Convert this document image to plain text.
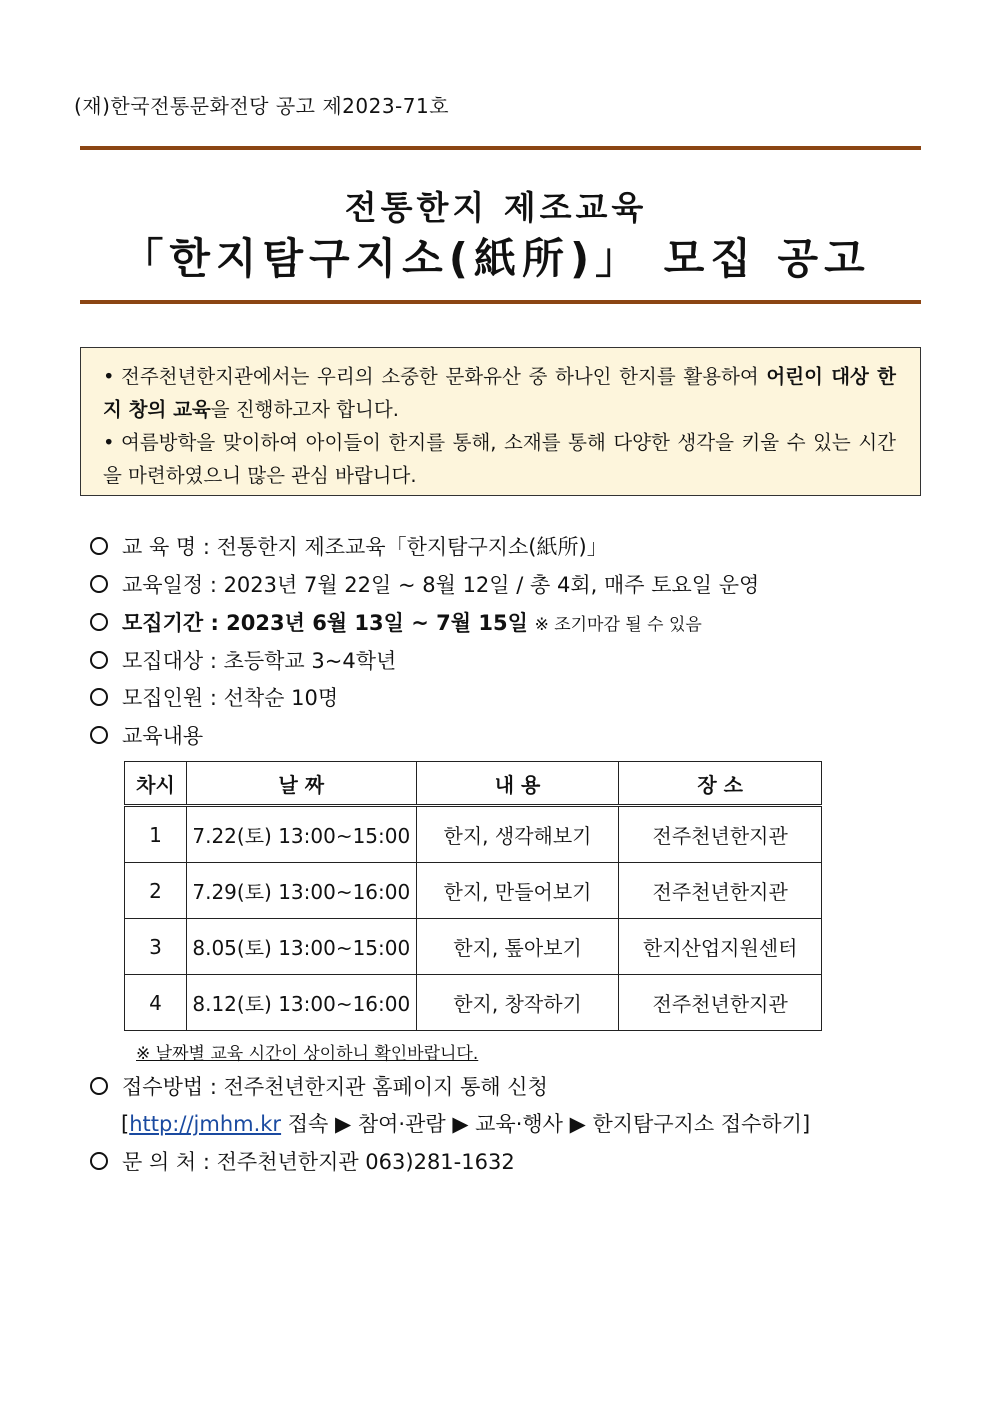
(재)한국전통문화전당 공고 제2023-71호
전통한지 제조교육
「한지탐구지소(紙所)」 모집 공고

• 전주천년한지관에서는 우리의 소중한 문화유산 중 하나인 한지를 활용하여 어린이 대상 한지 창의 교육을 진행하고자 합니다.

• 여름방학을 맞이하여 아이들이 한지를 통해, 소재를 통해 다양한 생각을 키울 수 있는 시간을 마련하였으니 많은 관심 바랍니다.

교 육 명 : 전통한지 제조교육「한지탐구지소(紙所)」
교육일정 : 2023년 7월 22일 ~ 8월 12일 / 총 4회, 매주 토요일 운영
모집기간 : 2023년 6월 13일 ~ 7월 15일 ※ 조기마감 될 수 있음
모집대상 : 초등학교 3~4학년
모집인원 : 선착순 10명
교육내용
차시	날 짜	내 용	장 소
1	7.22(토) 13:00~15:00	한지, 생각해보기	전주천년한지관
2	7.29(토) 13:00~16:00	한지, 만들어보기	전주천년한지관
3	8.05(토) 13:00~15:00	한지, 톺아보기	한지산업지원센터
4	8.12(토) 13:00~16:00	한지, 창작하기	전주천년한지관
※ 날짜별 교육 시간이 상이하니 확인바랍니다.
접수방법 : 전주천년한지관 홈페이지 통해 신청
[http://jmhm.kr 접속 ▶ 참여·관람 ▶ 교육·행사 ▶ 한지탐구지소 접수하기]
문 의 처 : 전주천년한지관 063)281-1632
